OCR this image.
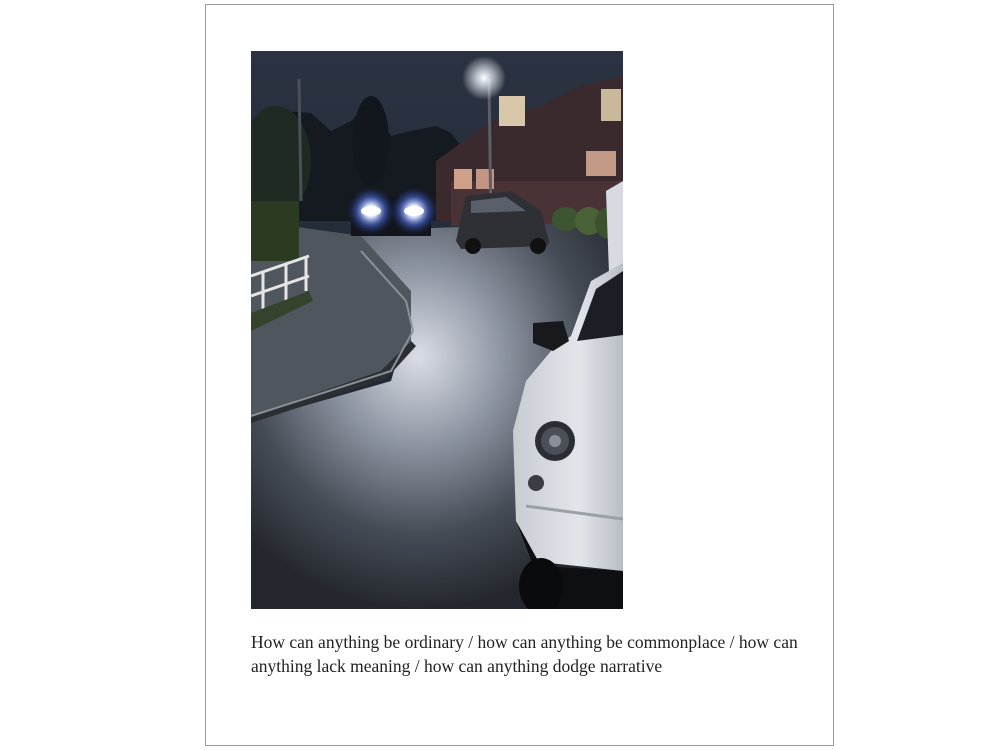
How can anything be ordinary / how can anything be commonplace / how can anything lack meaning / how can anything dodge narrative
